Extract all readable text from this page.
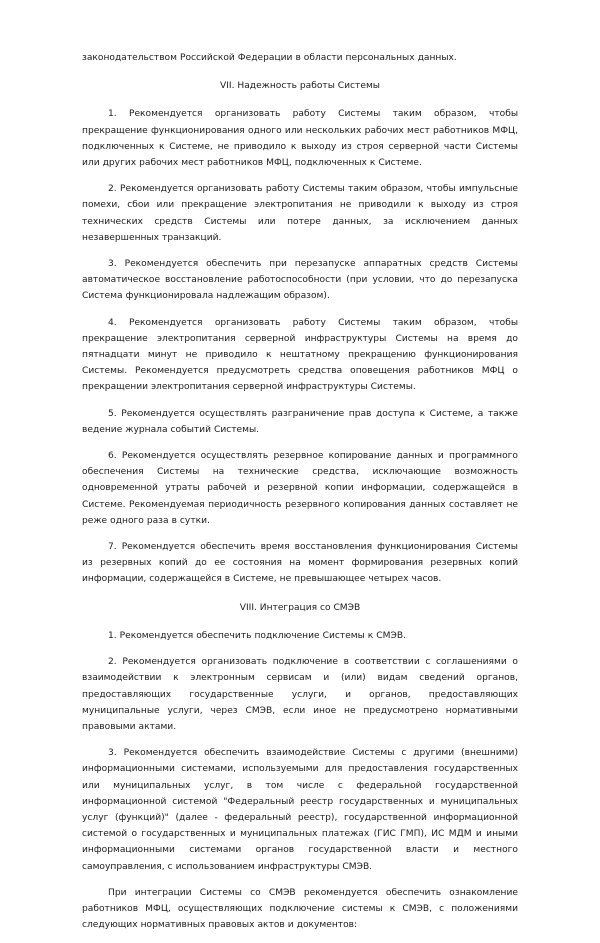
законодательством Российской Федерации в области персональных данных.

VII. Надежность работы Системы

1. Рекомендуется организовать работу Системы таким образом, чтобы прекращение функционирования одного или нескольких рабочих мест работников МФЦ, подключенных к Системе, не приводило к выходу из строя серверной части Системы или других рабочих мест работников МФЦ, подключенных к Системе.

2. Рекомендуется организовать работу Системы таким образом, чтобы импульсные помехи, сбои или прекращение электропитания не приводили к выходу из строя технических средств Системы или потере данных, за исключением данных незавершенных транзакций.

3. Рекомендуется обеспечить при перезапуске аппаратных средств Системы автоматическое восстановление работоспособности (при условии, что до перезапуска Система функционировала надлежащим образом).

4. Рекомендуется организовать работу Системы таким образом, чтобы прекращение электропитания серверной инфраструктуры Системы на время до пятнадцати минут не приводило к нештатному прекращению функционирования Системы. Рекомендуется предусмотреть средства оповещения работников МФЦ о прекращении электропитания серверной инфраструктуры Системы.

5. Рекомендуется осуществлять разграничение прав доступа к Системе, а также ведение журнала событий Системы.

6. Рекомендуется осуществлять резервное копирование данных и программного обеспечения Системы на технические средства, исключающие возможность одновременной утраты рабочей и резервной копии информации, содержащейся в Системе. Рекомендуемая периодичность резервного копирования данных составляет не реже одного раза в сутки.

7. Рекомендуется обеспечить время восстановления функционирования Системы из резервных копий до ее состояния на момент формирования резервных копий информации, содержащейся в Системе, не превышающее четырех часов.

VIII. Интеграция со СМЭВ

1. Рекомендуется обеспечить подключение Системы к СМЭВ.

2. Рекомендуется организовать подключение в соответствии с соглашениями о взаимодействии к электронным сервисам и (или) видам сведений органов, предоставляющих государственные услуги, и органов, предоставляющих муниципальные услуги, через СМЭВ, если иное не предусмотрено нормативными правовыми актами.

3. Рекомендуется обеспечить взаимодействие Системы с другими (внешними) информационными системами, используемыми для предоставления государственных или муниципальных услуг, в том числе с федеральной государственной информационной системой "Федеральный реестр государственных и муниципальных услуг (функций)" (далее - федеральный реестр), государственной информационной системой о государственных и муниципальных платежах (ГИС ГМП), ИС МДМ и иными информационными системами органов государственной власти и местного самоуправления, с использованием инфраструктуры СМЭВ.

При интеграции Системы со СМЭВ рекомендуется обеспечить ознакомление работников МФЦ, осуществляющих подключение системы к СМЭВ, с положениями следующих нормативных правовых актов и документов:
